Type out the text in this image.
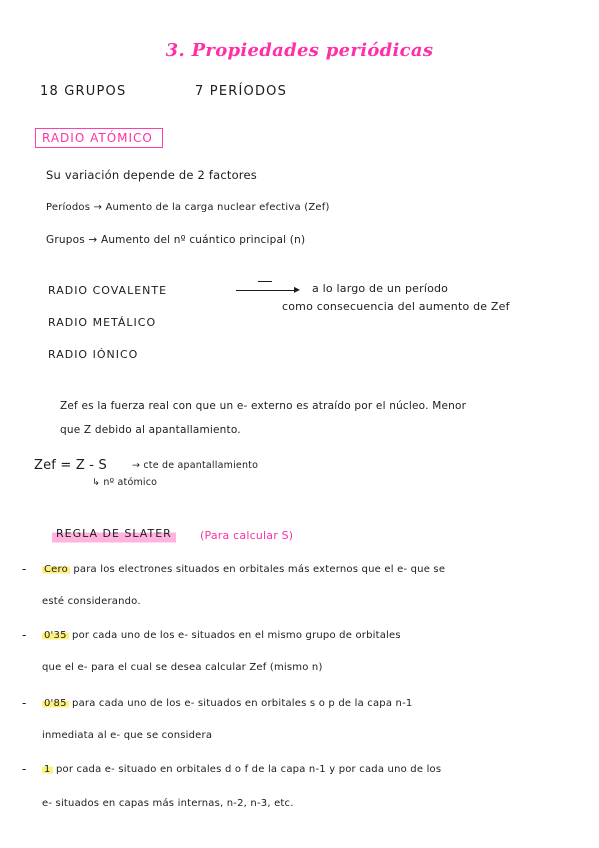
3. Propiedades periódicas
18 GRUPOS	7 PERÍODOS
RADIO ATÓMICO
Su variación depende de 2 factores
Períodos → Aumento de la carga nuclear efectiva (Zef)
Grupos → Aumento del nº cuántico principal (n)
RADIO COVALENTE
RADIO METÁLICO
RADIO IÓNICO
▸ a lo largo de un período
como consecuencia del aumento de Zef
Zef es la fuerza real con que un e- externo es atraído por el núcleo. Menor
que Z debido al apantallamiento.
Zef = Z - S	→ cte de apantallamiento
↳ nº atómico
REGLA DE SLATER	(Para calcular S)
- Cero para los electrones situados en orbitales más externos que el e- que se
esté considerando.
- 0'35 por cada uno de los e- situados en el mismo grupo de orbitales
que el e- para el cual se desea calcular Zef (mismo n)
- 0'85 para cada uno de los e- situados en orbitales s o p de la capa n-1
inmediata al e- que se considera
- 1 por cada e- situado en orbitales d o f de la capa n-1 y por cada uno de los
e- situados en capas más internas, n-2, n-3, etc.
